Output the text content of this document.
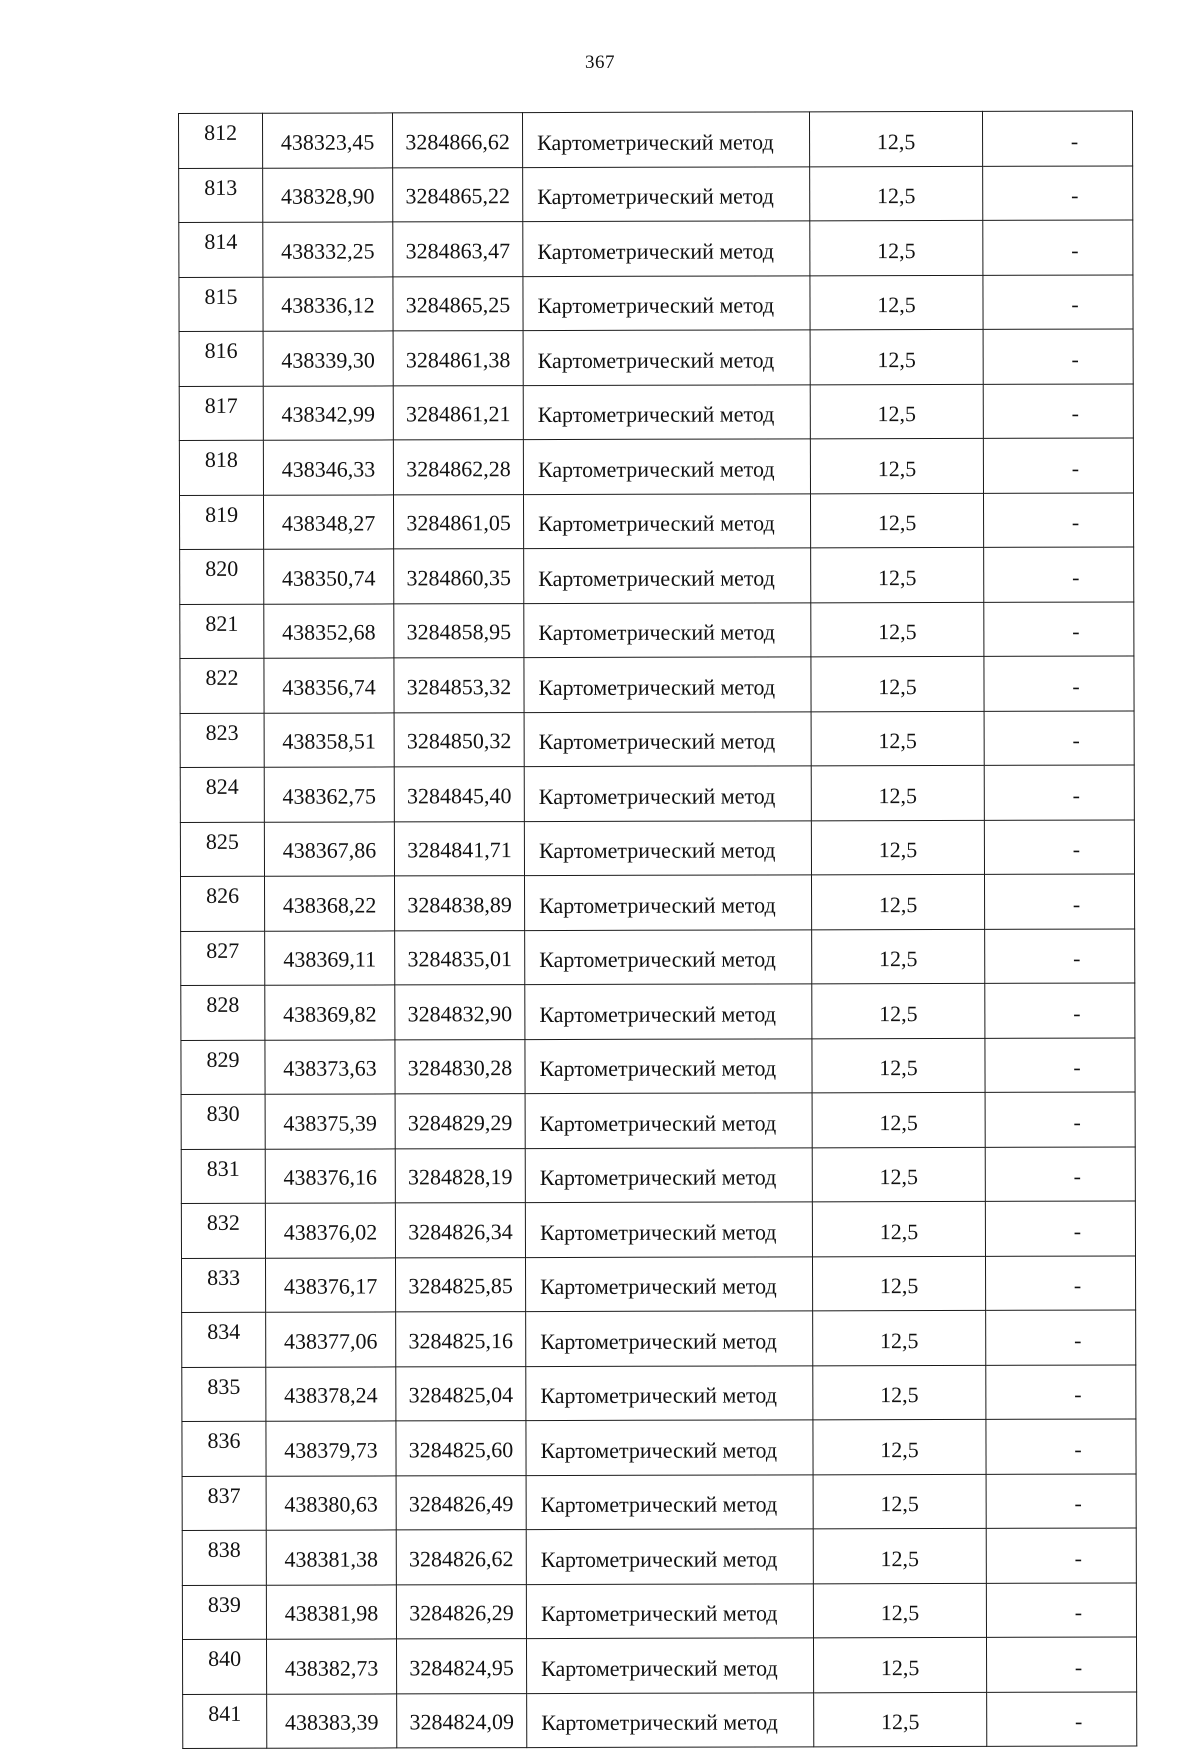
367
812	438323,45	3284866,62	Картометрический метод	12,5	-
813	438328,90	3284865,22	Картометрический метод	12,5	-
814	438332,25	3284863,47	Картометрический метод	12,5	-
815	438336,12	3284865,25	Картометрический метод	12,5	-
816	438339,30	3284861,38	Картометрический метод	12,5	-
817	438342,99	3284861,21	Картометрический метод	12,5	-
818	438346,33	3284862,28	Картометрический метод	12,5	-
819	438348,27	3284861,05	Картометрический метод	12,5	-
820	438350,74	3284860,35	Картометрический метод	12,5	-
821	438352,68	3284858,95	Картометрический метод	12,5	-
822	438356,74	3284853,32	Картометрический метод	12,5	-
823	438358,51	3284850,32	Картометрический метод	12,5	-
824	438362,75	3284845,40	Картометрический метод	12,5	-
825	438367,86	3284841,71	Картометрический метод	12,5	-
826	438368,22	3284838,89	Картометрический метод	12,5	-
827	438369,11	3284835,01	Картометрический метод	12,5	-
828	438369,82	3284832,90	Картометрический метод	12,5	-
829	438373,63	3284830,28	Картометрический метод	12,5	-
830	438375,39	3284829,29	Картометрический метод	12,5	-
831	438376,16	3284828,19	Картометрический метод	12,5	-
832	438376,02	3284826,34	Картометрический метод	12,5	-
833	438376,17	3284825,85	Картометрический метод	12,5	-
834	438377,06	3284825,16	Картометрический метод	12,5	-
835	438378,24	3284825,04	Картометрический метод	12,5	-
836	438379,73	3284825,60	Картометрический метод	12,5	-
837	438380,63	3284826,49	Картометрический метод	12,5	-
838	438381,38	3284826,62	Картометрический метод	12,5	-
839	438381,98	3284826,29	Картометрический метод	12,5	-
840	438382,73	3284824,95	Картометрический метод	12,5	-
841	438383,39	3284824,09	Картометрический метод	12,5	-
